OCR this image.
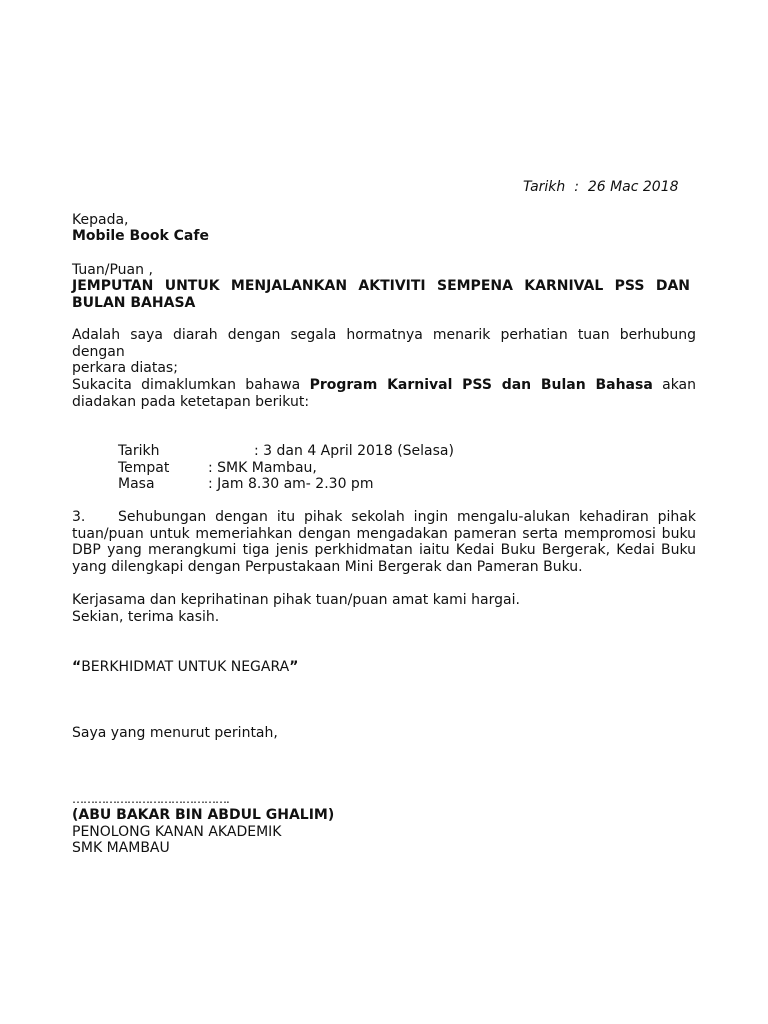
Tarikh : 26 Mac 2018
Kepada,
Mobile Book Cafe
Tuan/Puan ,

JEMPUTAN UNTUK MENJALANKAN AKTIVITI SEMPENA KARNIVAL PSS DAN

BULAN BAHASA

Adalah saya diarah dengan segala hormatnya menarik perhatian tuan berhubung dengan

perkara diatas;

Sukacita dimaklumkan bahawa Program Karnival PSS dan Bulan Bahasa akan

diadakan pada ketetapan berikut:

Tarikh	: 3 dan 4 April 2018 (Selasa)
Tempat	: SMK Mambau,
Masa	: Jam 8.30 am- 2.30 pm
3.	Sehubungan dengan itu pihak sekolah ingin mengalu-alukan kehadiran pihak

tuan/puan untuk memeriahkan dengan mengadakan pameran serta mempromosi buku

DBP yang merangkumi tiga jenis perkhidmatan iaitu Kedai Buku Bergerak, Kedai Buku

yang dilengkapi dengan Perpustakaan Mini Bergerak dan Pameran Buku.

Kerjasama dan keprihatinan pihak tuan/puan amat kami hargai.
Sekian, terima kasih.
“BERKHIDMAT UNTUK NEGARA”
Saya yang menurut perintah,
…………………………………….
(ABU BAKAR BIN ABDUL GHALIM)
PENOLONG KANAN AKADEMIK
SMK MAMBAU
